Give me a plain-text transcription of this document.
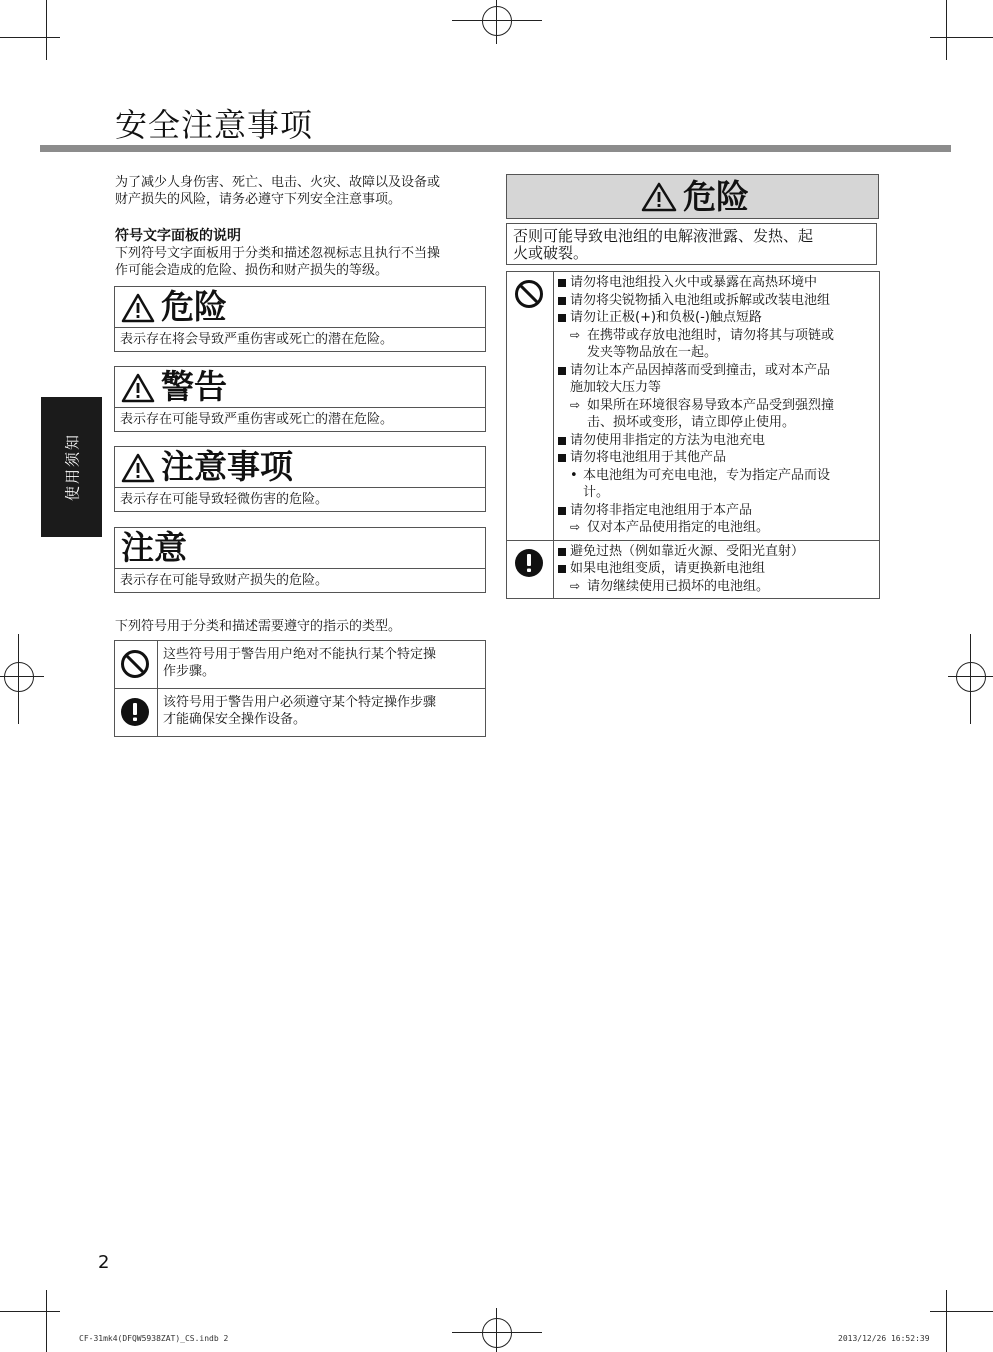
安全注意事项
使用须知
为了减少人身伤害、死亡、电击、火灾、故障以及设备或
财产损失的风险，请务必遵守下列安全注意事项。
符号文字面板的说明
下列符号文字面板用于分类和描述忽视标志且执行不当操
作可能会造成的危险、损伤和财产损失的等级。
危险
表示存在将会导致严重伤害或死亡的潜在危险。
警告
表示存在可能导致严重伤害或死亡的潜在危险。
注意事项
表示存在可能导致轻微伤害的危险。
注意
表示存在可能导致财产损失的危险。
下列符号用于分类和描述需要遵守的指示的类型。
这些符号用于警告用户绝对不能执行某个特定操
作步骤。
该符号用于警告用户必须遵守某个特定操作步骤
才能确保安全操作设备。
危险
否则可能导致电池组的电解液泄露、发热、起
火或破裂。
请勿将电池组投入火中或暴露在高热环境中
请勿将尖锐物插入电池组或拆解或改装电池组
请勿让正极(+)和负极(-)触点短路
⇨ 在携带或存放电池组时，请勿将其与项链或
发夹等物品放在一起。
请勿让本产品因掉落而受到撞击，或对本产品
施加较大压力等
⇨ 如果所在环境很容易导致本产品受到强烈撞
击、损坏或变形，请立即停止使用。
请勿使用非指定的方法为电池充电
请勿将电池组用于其他产品
• 本电池组为可充电电池，专为指定产品而设
计。
请勿将非指定电池组用于本产品
⇨ 仅对本产品使用指定的电池组。
避免过热（例如靠近火源、受阳光直射）
如果电池组变质，请更换新电池组
⇨ 请勿继续使用已损坏的电池组。
2
CF-31mk4(DFQW5938ZAT)_CS.indb 2	2013/12/26 16:52:39
